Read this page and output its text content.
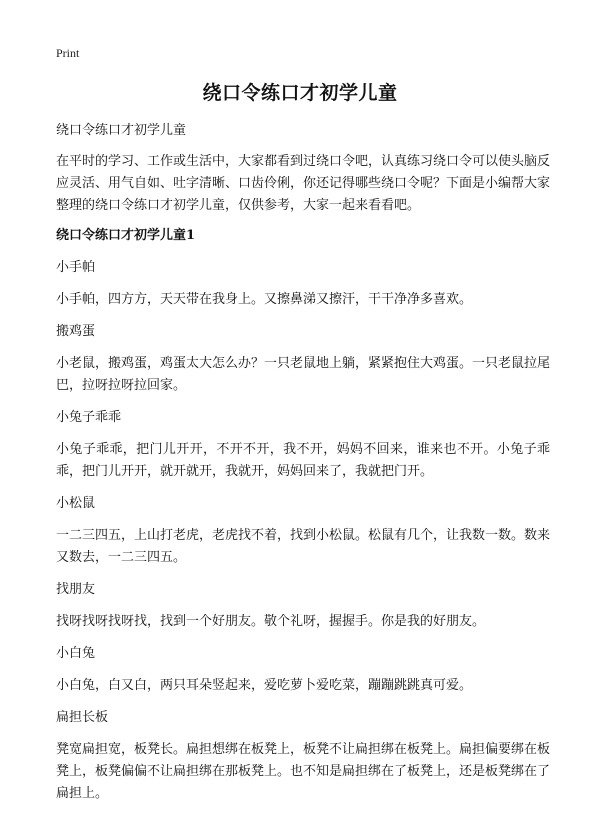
Print
绕口令练口才初学儿童

绕口令练口才初学儿童

在平时的学习、工作或生活中，大家都看到过绕口令吧，认真练习绕口令可以使头脑反应灵活、用气自如、吐字清晰、口齿伶俐，你还记得哪些绕口令呢？下面是小编帮大家整理的绕口令练口才初学儿童，仅供参考，大家一起来看看吧。

绕口令练口才初学儿童1

小手帕

小手帕，四方方，天天带在我身上。又擦鼻涕又擦汗，干干净净多喜欢。

搬鸡蛋

小老鼠，搬鸡蛋，鸡蛋太大怎么办？一只老鼠地上躺，紧紧抱住大鸡蛋。一只老鼠拉尾巴，拉呀拉呀拉回家。

小兔子乖乖

小兔子乖乖，把门儿开开，不开不开，我不开，妈妈不回来，谁来也不开。小兔子乖乖，把门儿开开，就开就开，我就开，妈妈回来了，我就把门开。

小松鼠

一二三四五，上山打老虎，老虎找不着，找到小松鼠。松鼠有几个，让我数一数。数来又数去，一二三四五。

找朋友

找呀找呀找呀找，找到一个好朋友。敬个礼呀，握握手。你是我的好朋友。

小白兔

小白兔，白又白，两只耳朵竖起来，爱吃萝卜爱吃菜，蹦蹦跳跳真可爱。

扁担长板

凳宽扁担宽，板凳长。扁担想绑在板凳上，板凳不让扁担绑在板凳上。扁担偏要绑在板凳上，板凳偏偏不让扁担绑在那板凳上。也不知是扁担绑在了板凳上，还是板凳绑在了扁担上。
